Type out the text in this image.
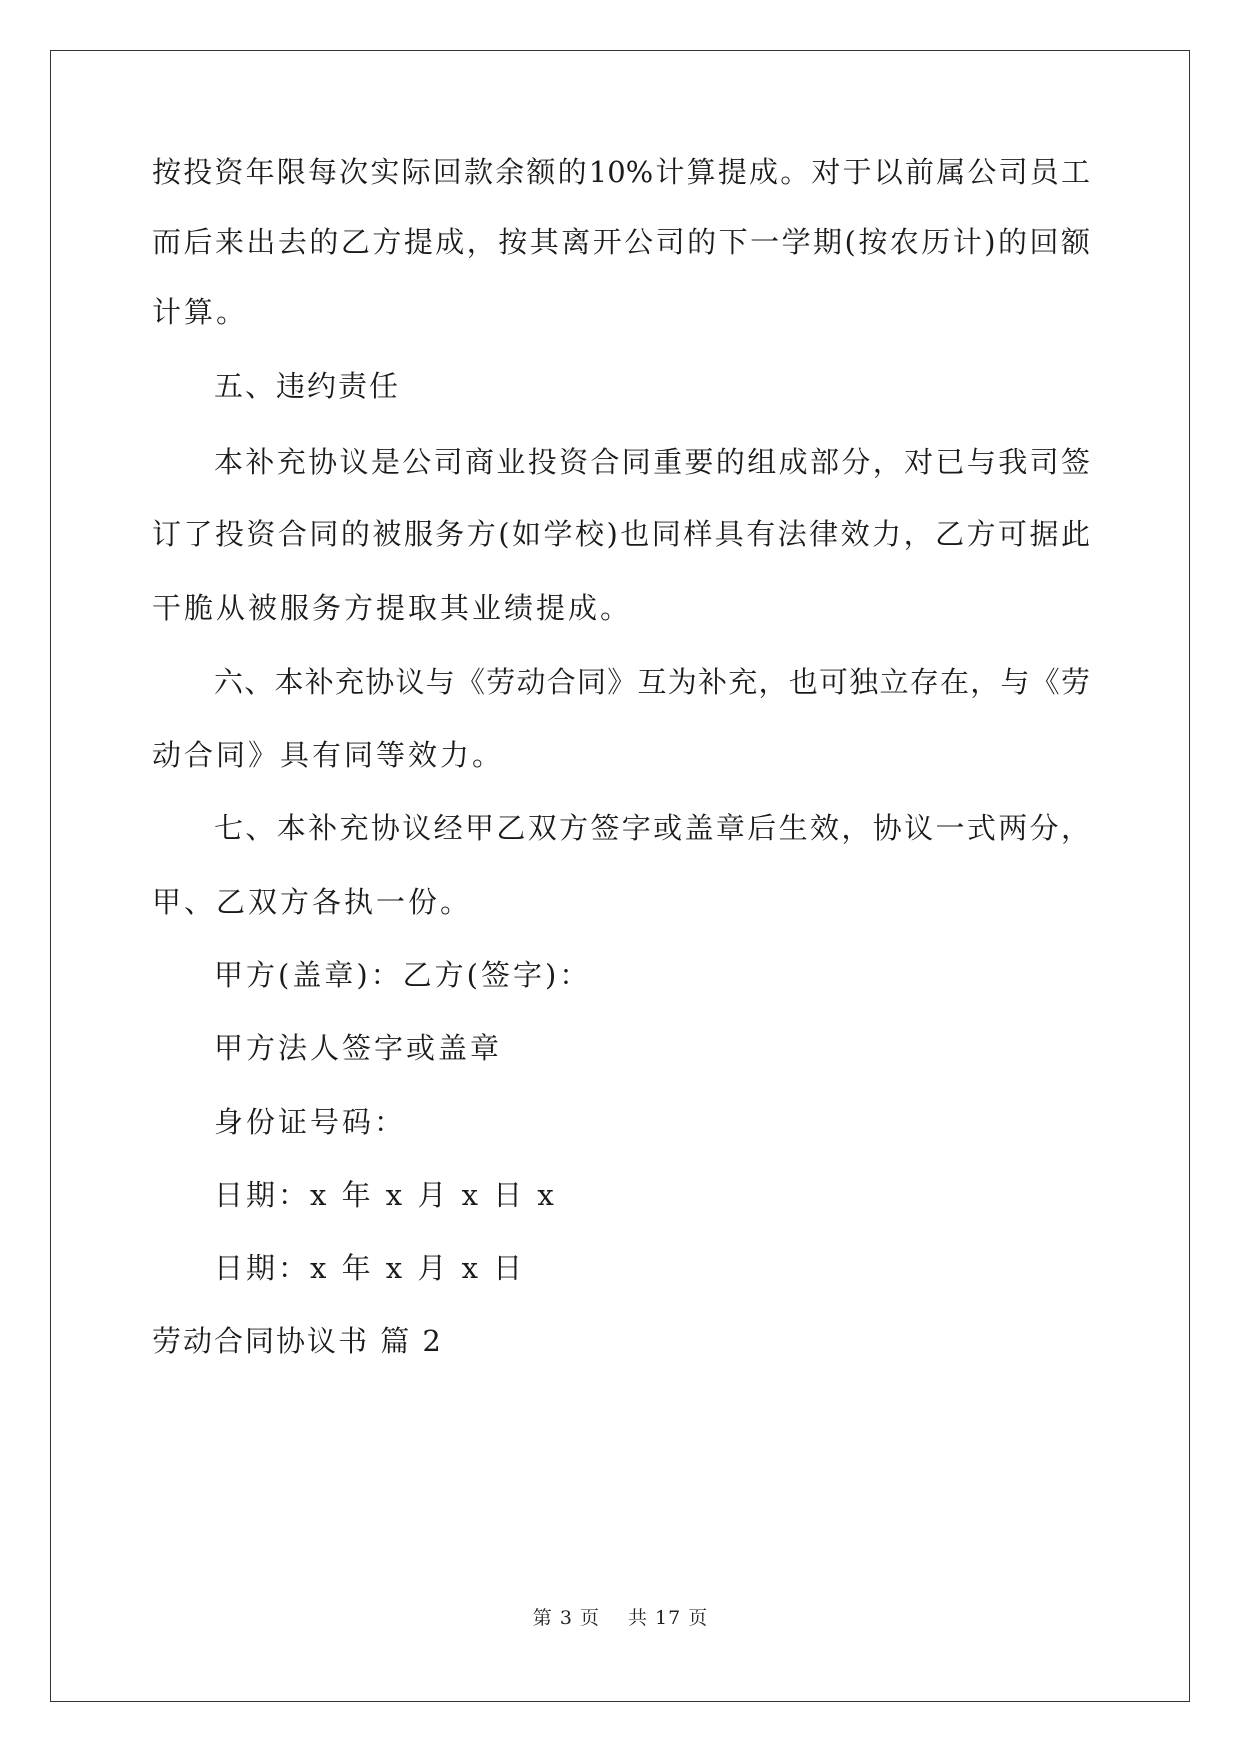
按投资年限每次实际回款余额的10%计算提成。对于以前属公司员工
而后来出去的乙方提成，按其离开公司的下一学期(按农历计)的回额
计算。
五、违约责任
本补充协议是公司商业投资合同重要的组成部分，对已与我司签
订了投资合同的被服务方(如学校)也同样具有法律效力，乙方可据此
干脆从被服务方提取其业绩提成。
六、本补充协议与《劳动合同》互为补充，也可独立存在，与《劳
动合同》具有同等效力。
七、本补充协议经甲乙双方签字或盖章后生效，协议一式两分，
甲、乙双方各执一份。
甲方(盖章)：乙方(签字)：
甲方法人签字或盖章
身份证号码：
日期：x 年 x 月 x 日 x
日期：x 年 x 月 x 日
劳动合同协议书 篇 2
第 3 页 共 17 页
